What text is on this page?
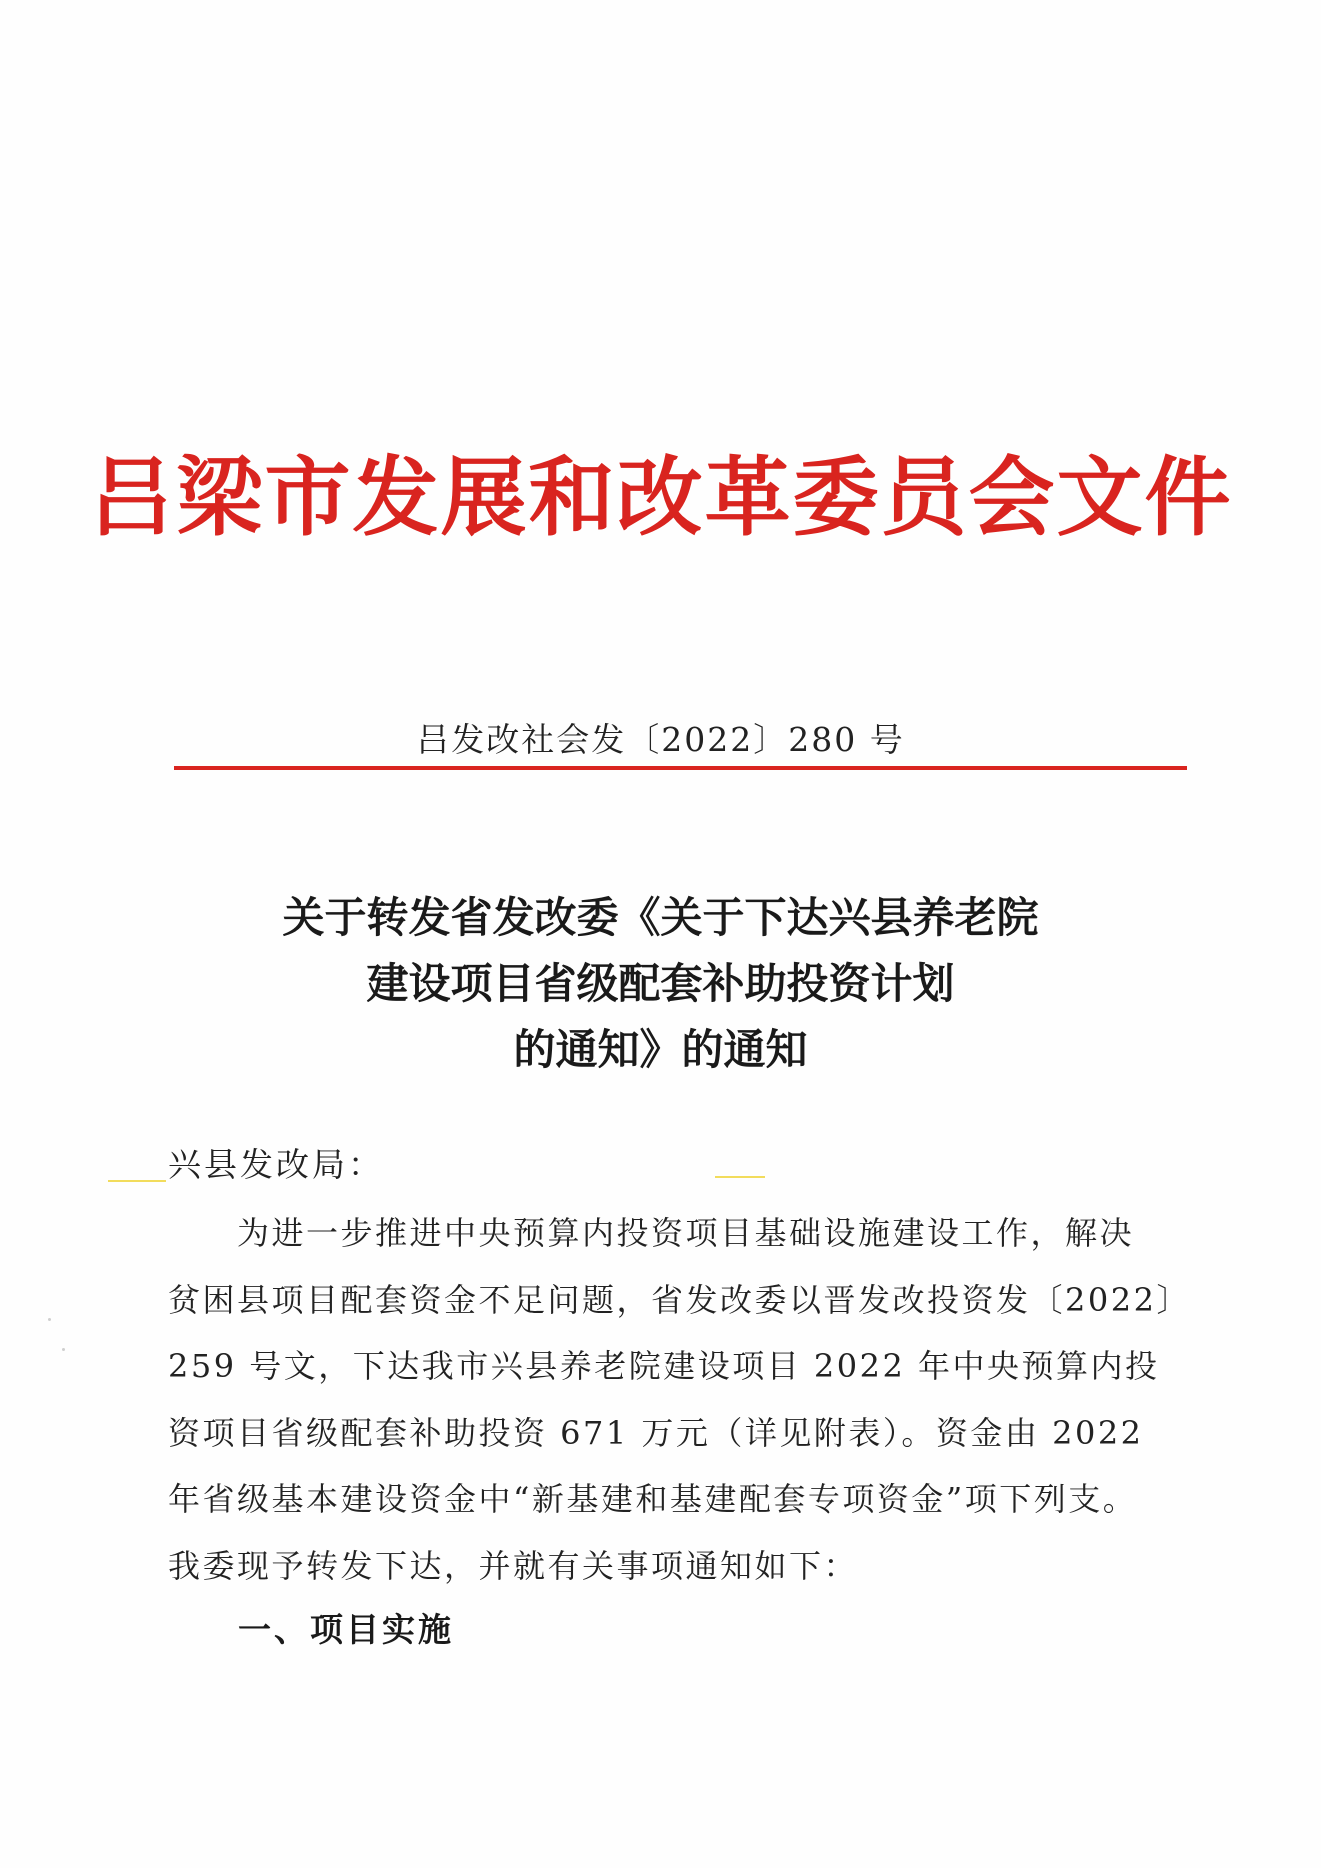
吕梁市发展和改革委员会文件
吕发改社会发〔2022〕280 号
关于转发省发改委《关于下达兴县养老院
建设项目省级配套补助投资计划
的通知》的通知
兴县发改局：
　　为进一步推进中央预算内投资项目基础设施建设工作，解决
贫困县项目配套资金不足问题，省发改委以晋发改投资发〔2022〕
259 号文，下达我市兴县养老院建设项目 2022 年中央预算内投
资项目省级配套补助投资 671 万元（详见附表）。资金由 2022
年省级基本建设资金中“新基建和基建配套专项资金”项下列支。
我委现予转发下达，并就有关事项通知如下：
一、项目实施
